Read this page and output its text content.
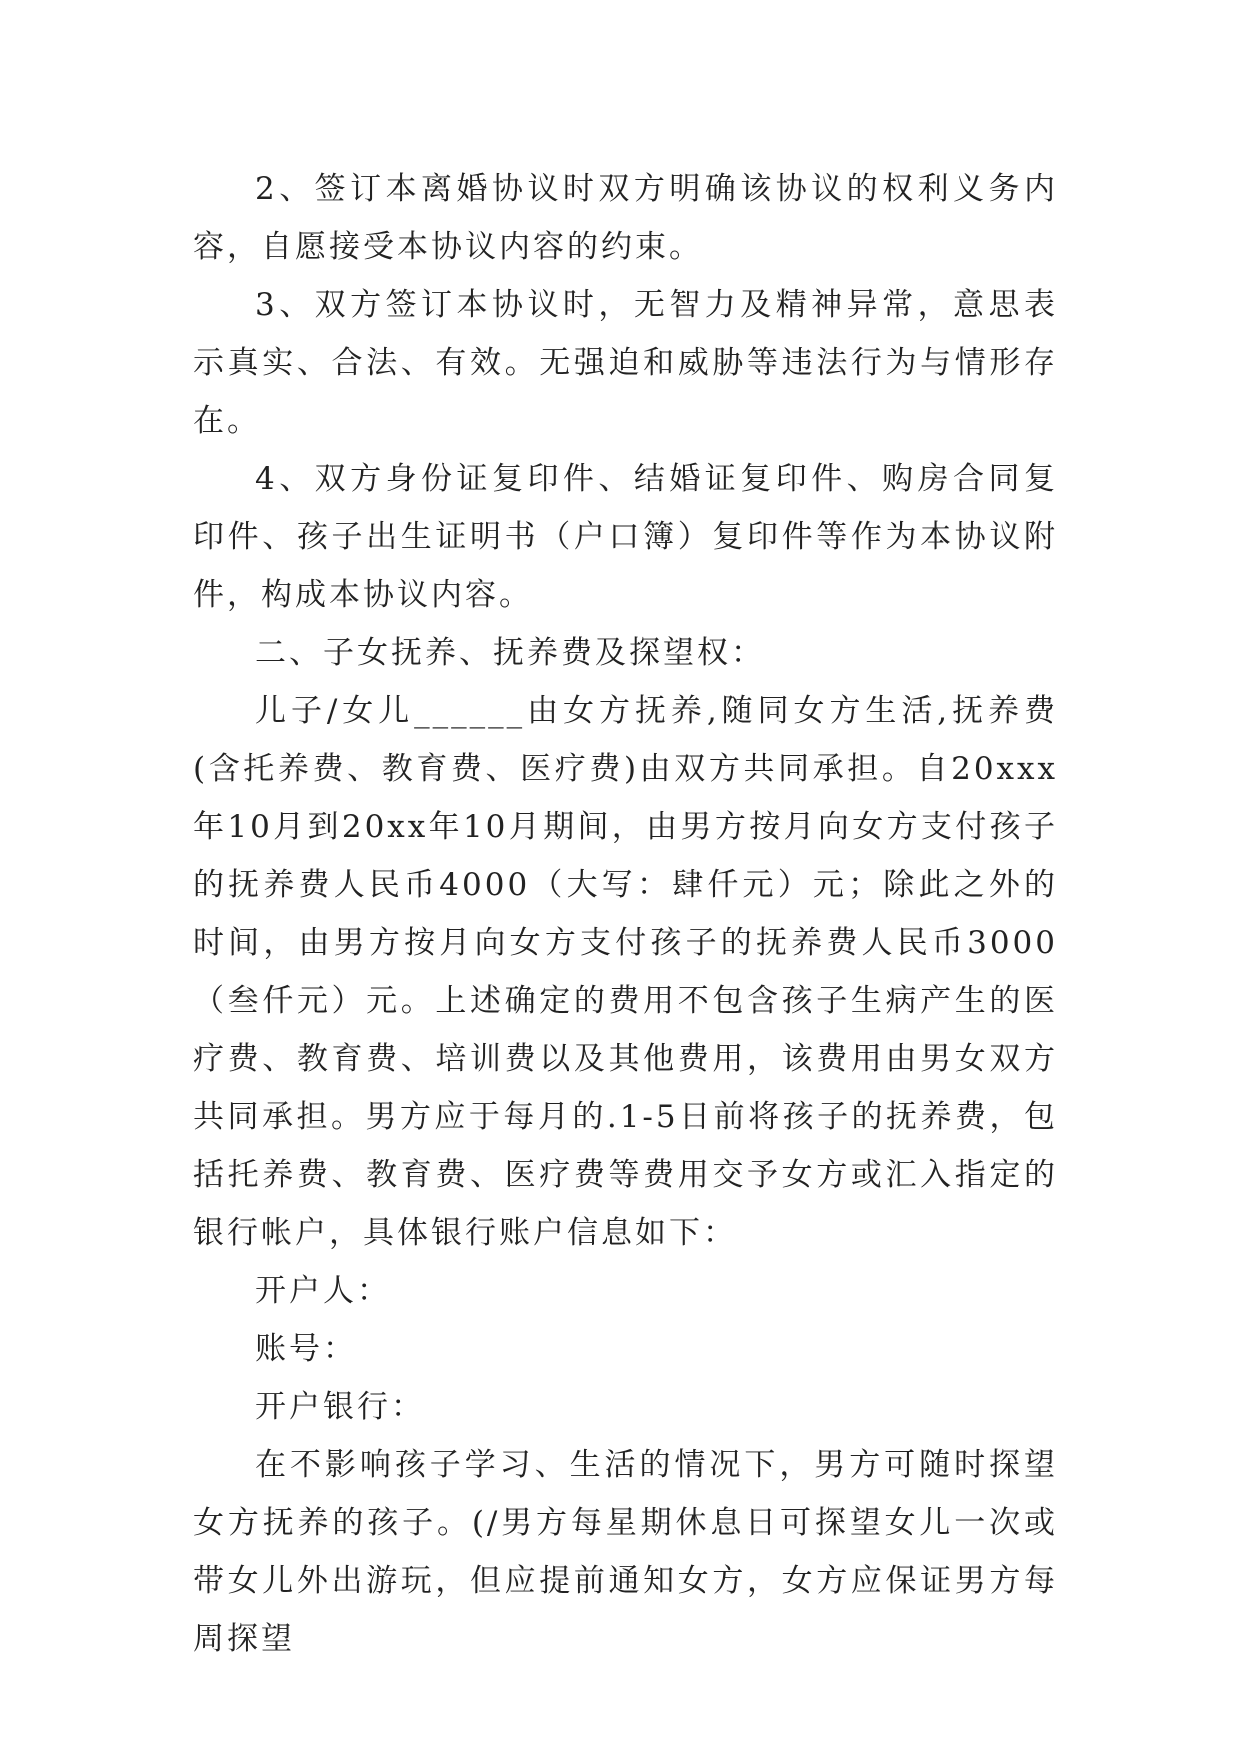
2、签订本离婚协议时双方明确该协议的权利义务内容，自愿接受本协议内容的约束。

3、双方签订本协议时，无智力及精神异常，意思表示真实、合法、有效。无强迫和威胁等违法行为与情形存在。

4、双方身份证复印件、结婚证复印件、购房合同复印件、孩子出生证明书（户口簿）复印件等作为本协议附件，构成本协议内容。

二、子女抚养、抚养费及探望权：

儿子/女儿______由女方抚养,随同女方生活,抚养费(含托养费、教育费、医疗费)由双方共同承担。自20xxx年10月到20xx年10月期间，由男方按月向女方支付孩子的抚养费人民币4000（大写：肆仟元）元；除此之外的时间，由男方按月向女方支付孩子的抚养费人民币3000（叁仟元）元。上述确定的费用不包含孩子生病产生的医疗费、教育费、培训费以及其他费用，该费用由男女双方共同承担。男方应于每月的.1-5日前将孩子的抚养费，包括托养费、教育费、医疗费等费用交予女方或汇入指定的银行帐户，具体银行账户信息如下：

开户人：

账号：

开户银行：

在不影响孩子学习、生活的情况下，男方可随时探望女方抚养的孩子。(/男方每星期休息日可探望女儿一次或带女儿外出游玩，但应提前通知女方，女方应保证男方每周探望
